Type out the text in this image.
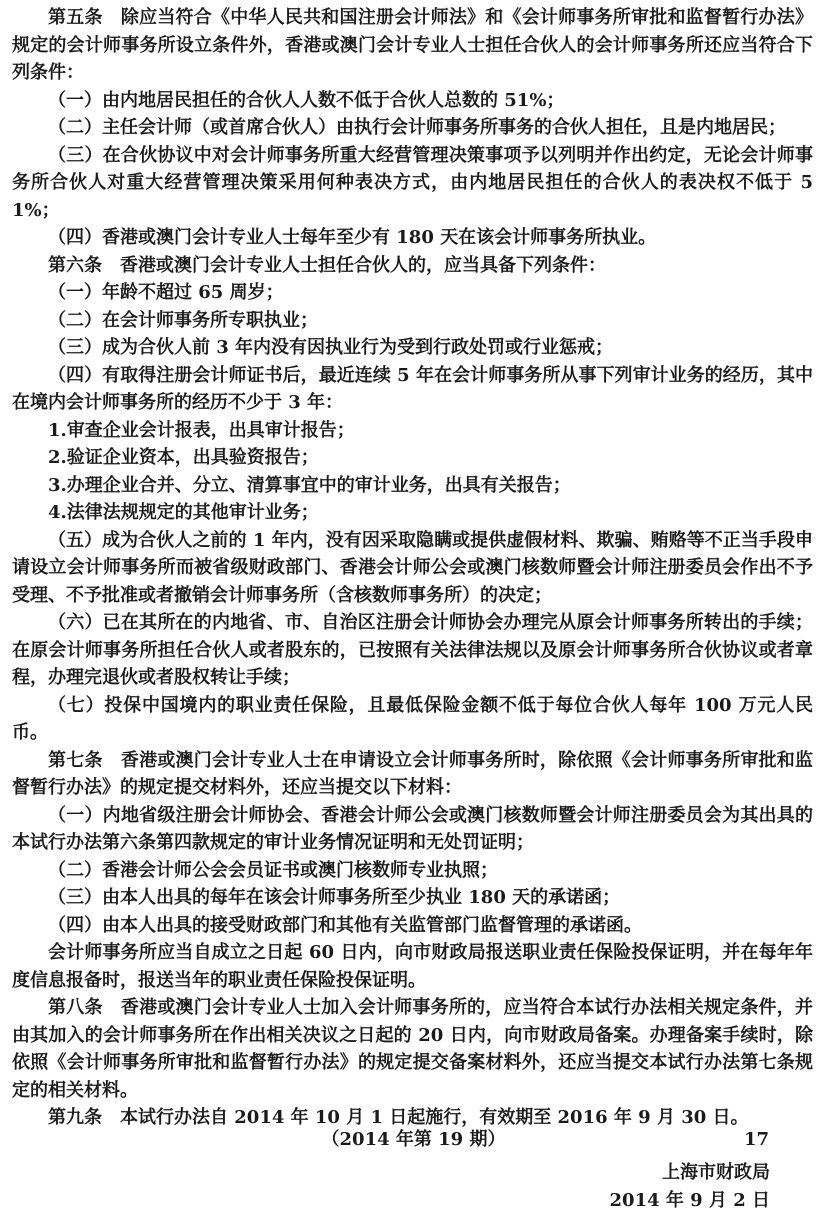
第五条　除应当符合《中华人民共和国注册会计师法》和《会计师事务所审批和监督暂行办法》规定的会计师事务所设立条件外，香港或澳门会计专业人士担任合伙人的会计师事务所还应当符合下列条件：

（一）由内地居民担任的合伙人人数不低于合伙人总数的 51%；

（二）主任会计师（或首席合伙人）由执行会计师事务所事务的合伙人担任，且是内地居民；

（三）在合伙协议中对会计师事务所重大经营管理决策事项予以列明并作出约定，无论会计师事务所合伙人对重大经营管理决策采用何种表决方式，由内地居民担任的合伙人的表决权不低于 51%；

（四）香港或澳门会计专业人士每年至少有 180 天在该会计师事务所执业。

第六条　香港或澳门会计专业人士担任合伙人的，应当具备下列条件：

（一）年龄不超过 65 周岁；

（二）在会计师事务所专职执业；

（三）成为合伙人前 3 年内没有因执业行为受到行政处罚或行业惩戒；

（四）有取得注册会计师证书后，最近连续 5 年在会计师事务所从事下列审计业务的经历，其中在境内会计师事务所的经历不少于 3 年：

1.审查企业会计报表，出具审计报告；

2.验证企业资本，出具验资报告；

3.办理企业合并、分立、清算事宜中的审计业务，出具有关报告；

4.法律法规规定的其他审计业务；

（五）成为合伙人之前的 1 年内，没有因采取隐瞒或提供虚假材料、欺骗、贿赂等不正当手段申请设立会计师事务所而被省级财政部门、香港会计师公会或澳门核数师暨会计师注册委员会作出不予受理、不予批准或者撤销会计师事务所（含核数师事务所）的决定；

（六）已在其所在的内地省、市、自治区注册会计师协会办理完从原会计师事务所转出的手续；在原会计师事务所担任合伙人或者股东的，已按照有关法律法规以及原会计师事务所合伙协议或者章程，办理完退伙或者股权转让手续；

（七）投保中国境内的职业责任保险，且最低保险金额不低于每位合伙人每年 100 万元人民币。

第七条　香港或澳门会计专业人士在申请设立会计师事务所时，除依照《会计师事务所审批和监督暂行办法》的规定提交材料外，还应当提交以下材料：

（一）内地省级注册会计师协会、香港会计师公会或澳门核数师暨会计师注册委员会为其出具的本试行办法第六条第四款规定的审计业务情况证明和无处罚证明；

（二）香港会计师公会会员证书或澳门核数师专业执照；

（三）由本人出具的每年在该会计师事务所至少执业 180 天的承诺函；

（四）由本人出具的接受财政部门和其他有关监管部门监督管理的承诺函。

会计师事务所应当自成立之日起 60 日内，向市财政局报送职业责任保险投保证明，并在每年年度信息报备时，报送当年的职业责任保险投保证明。

第八条　香港或澳门会计专业人士加入会计师事务所的，应当符合本试行办法相关规定条件，并由其加入的会计师事务所在作出相关决议之日起的 20 日内，向市财政局备案。办理备案手续时，除依照《会计师事务所审批和监督暂行办法》的规定提交备案材料外，还应当提交本试行办法第七条规定的相关材料。

第九条　本试行办法自 2014 年 10 月 1 日起施行，有效期至 2016 年 9 月 30 日。

上海市财政局
2014 年 9 月 2 日
（2014 年第 19 期）	17
